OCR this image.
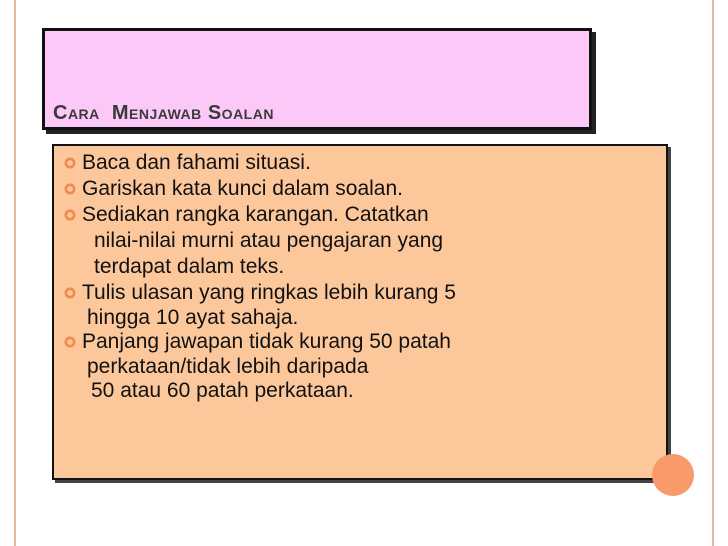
Cara  Menjawab Soalan
Baca dan fahami situasi.
Gariskan kata kunci dalam soalan.
Sediakan rangka karangan. Catatkan
nilai-nilai murni atau pengajaran yang
terdapat dalam teks.
Tulis ulasan yang ringkas lebih kurang 5
hingga 10 ayat sahaja.
Panjang jawapan tidak kurang 50 patah
perkataan/tidak lebih daripada
50 atau 60 patah perkataan.
